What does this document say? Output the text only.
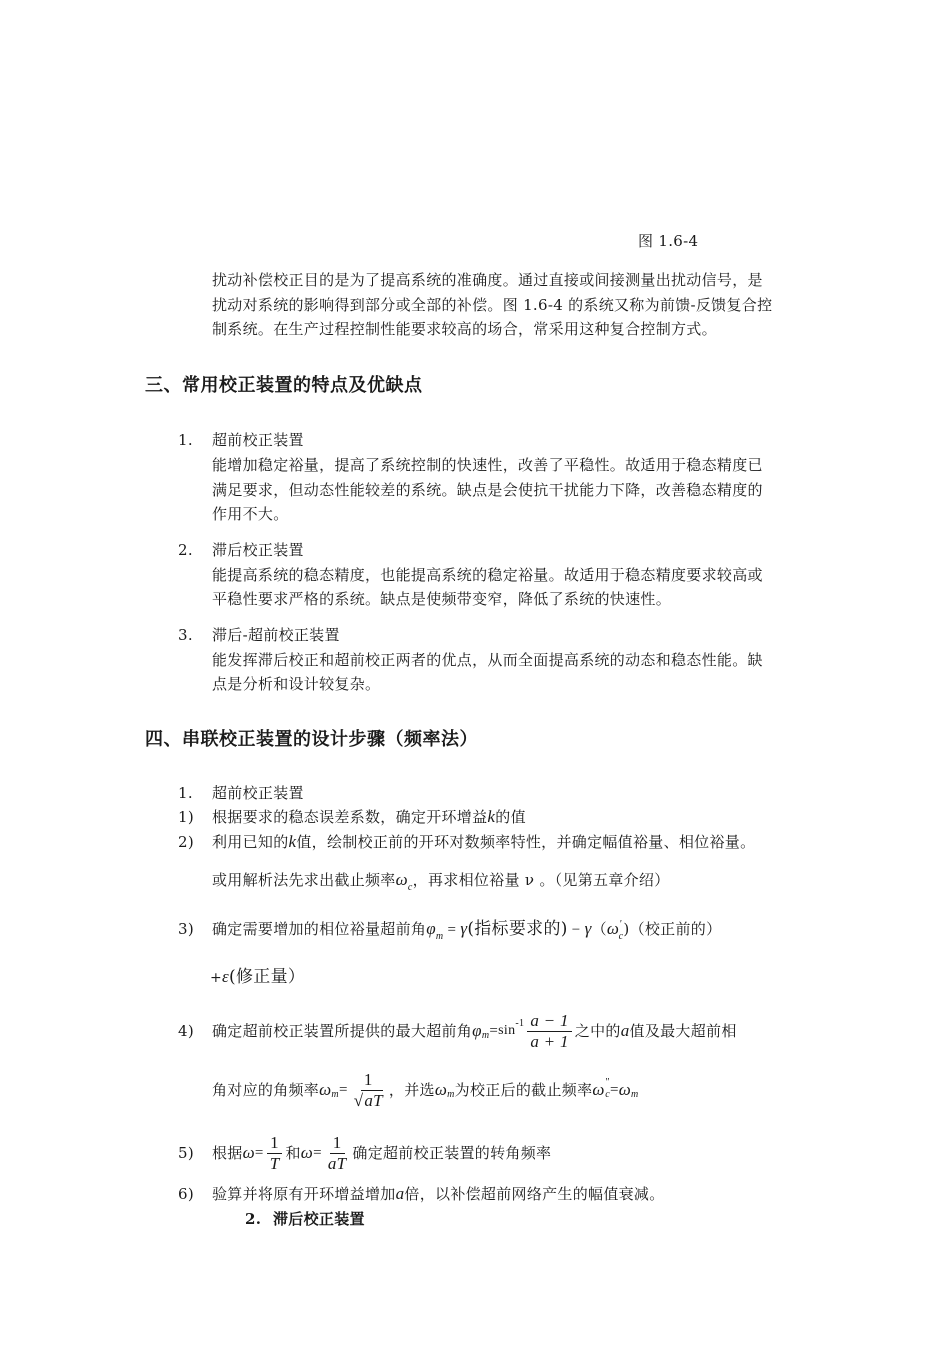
图 1.6-4
扰动补偿校正目的是为了提高系统的准确度。通过直接或间接测量出扰动信号，是
扰动对系统的影响得到部分或全部的补偿。图 1.6-4 的系统又称为前馈-反馈复合控
制系统。在生产过程控制性能要求较高的场合，常采用这种复合控制方式。
三、常用校正装置的特点及优缺点
1. 超前校正装置
能增加稳定裕量，提高了系统控制的快速性，改善了平稳性。故适用于稳态精度已
满足要求，但动态性能较差的系统。缺点是会使抗干扰能力下降，改善稳态精度的
作用不大。
2. 滞后校正装置
能提高系统的稳态精度，也能提高系统的稳定裕量。故适用于稳态精度要求较高或
平稳性要求严格的系统。缺点是使频带变窄，降低了系统的快速性。
3. 滞后-超前校正装置
能发挥滞后校正和超前校正两者的优点，从而全面提高系统的动态和稳态性能。缺
点是分析和设计较复杂。
四、串联校正装置的设计步骤（频率法）
1. 超前校正装置
1) 根据要求的稳态误差系数，确定开环增益k的值
2) 利用已知的k值，绘制校正前的开环对数频率特性，并确定幅值裕量、相位裕量。
或用解析法先求出截止频率$\omega_c$，再求相位裕量 ν 。（见第五章介绍）
3) 确定需要增加的相位裕量超前角$\varphi_m = \gamma$(指标要求的) − $\gamma(\omega'_c)$（校正前的）
+ε(修正量）
4) 确定超前校正装置所提供的最大超前角 φ $m = \sin -1 \frac{a - 1}{a + 1}$ 之中的 a 值及最大超前相
角对应的角频率 ω $m = \frac{1}{√aT}$ ，并选 ω m 为校正后的截止频率 ω "
c = ω m
5) 根据 $\omega = \frac{1}{T}$ 和 $\omega = \frac{1}{aT}$ 确定超前校正装置的转角频率
6) 验算并将原有开环增益增加a倍，以补偿超前网络产生的幅值衰减。
2. 滞后校正装置
